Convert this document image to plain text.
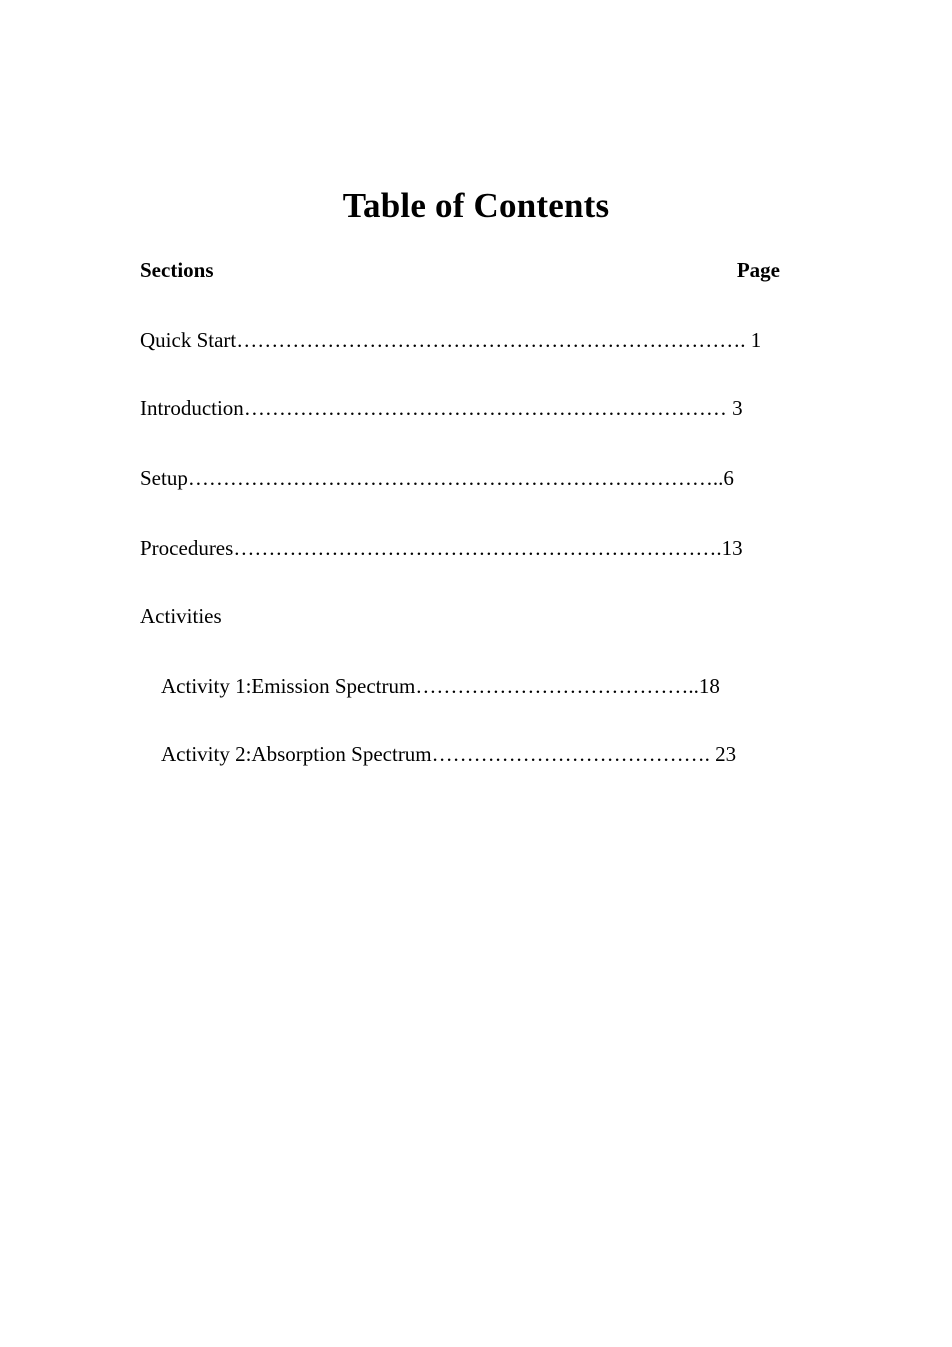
Table of Contents
Sections	Page
Quick Start………………………………………………………………. 1
Introduction…………………………………………………………… 3
Setup…………………………………………………………………..6
Procedures…………………………………………………………….13
Activities
Activity 1:Emission Spectrum…………………………………..18
Activity 2:Absorption Spectrum…………………………………. 23
